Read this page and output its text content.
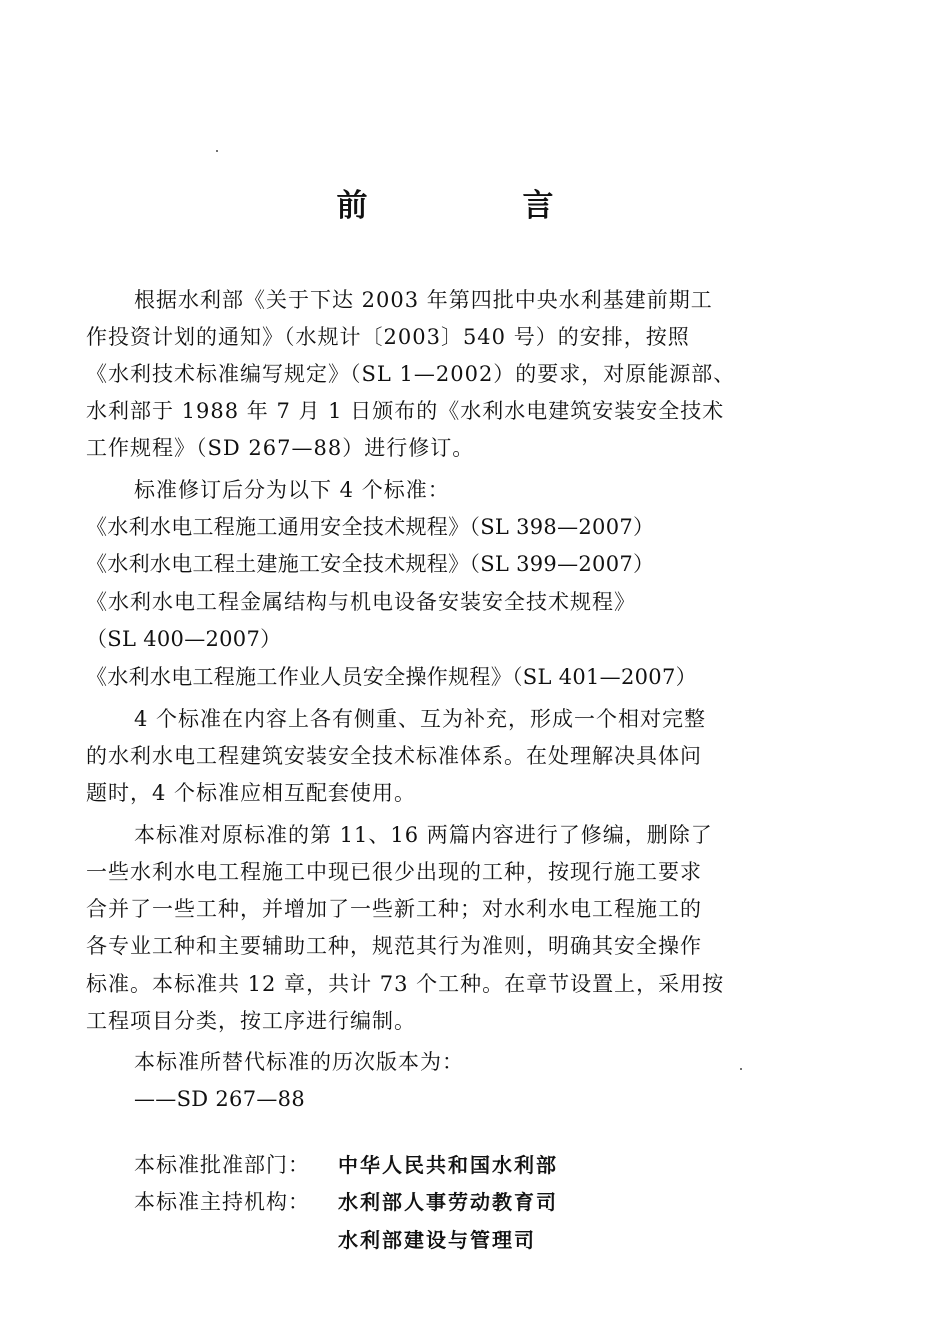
前　言
根据水利部《关于下达 2003 年第四批中央水利基建前期工
作投资计划的通知》（水规计〔2003〕540 号）的安排，按照
《水利技术标准编写规定》（SL 1—2002）的要求，对原能源部、
水利部于 1988 年 7 月 1 日颁布的《水利水电建筑安装安全技术
工作规程》（SD 267—88）进行修订。
标准修订后分为以下 4 个标准：
《水利水电工程施工通用安全技术规程》（SL 398—2007）
《水利水电工程土建施工安全技术规程》（SL 399—2007）
《水利水电工程金属结构与机电设备安装安全技术规程》
（SL 400—2007）
《水利水电工程施工作业人员安全操作规程》（SL 401—2007）
4 个标准在内容上各有侧重、互为补充，形成一个相对完整
的水利水电工程建筑安装安全技术标准体系。在处理解决具体问
题时，4 个标准应相互配套使用。
本标准对原标准的第 11、16 两篇内容进行了修编，删除了
一些水利水电工程施工中现已很少出现的工种，按现行施工要求
合并了一些工种，并增加了一些新工种；对水利水电工程施工的
各专业工种和主要辅助工种，规范其行为准则，明确其安全操作
标准。本标准共 12 章，共计 73 个工种。在章节设置上，采用按
工程项目分类，按工序进行编制。
本标准所替代标准的历次版本为：
——SD 267—88
本标准批准部门： 中华人民共和国水利部
本标准主持机构： 水利部人事劳动教育司
水利部建设与管理司
